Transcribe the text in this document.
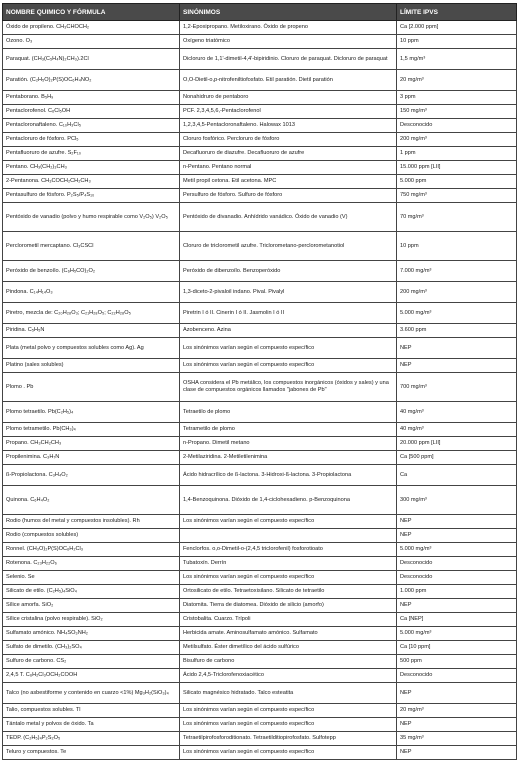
NOMBRE QUIMICO Y FÓRMULA	SINÓNIMOS	LÍMITE IPVS
Óxido de propileno. CH₃CHOCH₂	1,2-Epoxipropano. Metiloxirano. Óxido de propeno	Ca [2.000 ppm]
Ozono. O₃	Oxígeno triatómico	10 ppm
Paraquat. (CH₃(C₅H₄N)₂CH₃).2Cl	Dicloruro de 1,1'-dimetil-4,4'-bipiridinio. Cloruro de paraquat. Dicloruro de paraquat	1,5 mg/m³
Paratión. (C₂H₅O)₂P(S)OC₆H₄NO₂	O,O-Dietil-o,p-nitrofeniltiofosfato. Etil paratión. Dietil paratión	20 mg/m³
Pentaborano. B₅H₉	Nonahidruro de pentaboro	3 ppm
Pentaclorofenol. C₆Cl₅OH	PCF. 2,3,4,5,6,-Pentaclorofenol	150 mg/m³
Pentacloronaftaleno. C₁₀H₃Cl₅	1,2,3,4,5-Pentacloronaftaleno. Halowax 1013	Desconocido
Pentacloruro de fósforo. PCl₅	Cloruro fosfórico. Percloruro de fósforo	200 mg/m³
Pentafluoruro de azufre. S₂F₁₀	Decafluoruro de diazufre. Decafluoruro de azufre	1 ppm
Pentano. CH₃(CH₂)₃CH₃	n-Pentano. Pentano normal	15.000 ppm [LII]
2-Pentanona. CH₃COCH₂CH₂CH₃	Metil propil cetona. Etil acetona. MPC	5.000 ppm
Pentasulfuro de fósforo. P₂S₅/P₄S₁₀	Persulfuro de fósforo. Sulfuro de fósforo	750 mg/m³
Pentóxido de vanadio (polvo y humo respirable como V₂O₅) V₂O₅	Pentóxido de divanadio. Anhídrido vanádico. Óxido de vanadio (V)	70 mg/m³
Perclorometil mercaptano. Cl₃CSCl	Cloruro de triclorometil azufre. Triclorometano-perclorometanotiol	10 ppm
Peróxido de benzoílo. (C₆H₅CO)₂O₂	Peróxido de dibenzoílo. Benzoperóxido	7.000 mg/m³
Pindona. C₁₄H₁₄O₃	1,3-diceto-2-pivaloil indano. Pival. Pivalyl	200 mg/m³
Piretro, mezcla de: C₂₀H₂₈O₃; C₂₁H₂₈O₅; C₂₂H₂₈O₅	Piretrin I ó II. Cinerin I ó II. Jasmolin I ó II	5.000 mg/m³
Piridina. C₅H₅N	Azobenceno. Azina	3.600 ppm
Plata (metal polvo y compuestos solubles como Ag). Ag	Los sinónimos varían según el compuesto específico	NEP
Platino (sales solubles)	Los sinónimos varían según el compuesto específico	NEP
Plomo . Pb	OSHA considera el Pb metálico, los compuestos inorgánicos (óxidos y sales) y una clase de compuestos orgánicos llamados "jabones de Pb"	700 mg/m³
Plomo tetraetilo. Pb(C₂H₅)₄	Tetraetilo de plomo	40 mg/m³
Plomo tetrametilo. Pb(CH₃)₄	Tetrametilo de plomo	40 mg/m³
Propano. CH₃CH₂CH₃	n-Propano. Dimetil metano	20.000 ppm [LII]
Propilenimina. C₃H₇N	2-Metilaziridina. 2-Metiletilenimina	Ca [500 ppm]
ß-Propiolactona. C₃H₄O₂	Ácido hidracrílico de ß-lactona. 3-Hidroxi-ß-lactona. 3-Propiolactona	Ca
Quinona. C₆H₄O₂	1,4-Benzoquinona. Dióxido de 1,4-ciclohexadieno. p-Benzoquinona	300 mg/m³
Rodio (humos del metal y compuestos insolubles). Rh	Los sinónimos varían según el compuesto específico	NEP
Rodio (compuestos solubles)		NEP
Ronnel. (CH₃O)₂P(S)OC₆H₂Cl₃	Fenclorfos. o,o-Dimetil-o-(2,4,5 triclorofenil) fosforotioato	5.000 mg/m³
Rotenona. C₂₃H₂₂O₆	Tubatoxín. Derrín	Desconocido
Selenio. Se	Los sinónimos varían según el compuesto específico	Desconocido
Silicato de etilo. (C₂H₅)₄SiO₄	Ortosilicato de etilo. Tetraetoxisilano. Silicato de tetraetilo	1.000 ppm
Sílice amorfa. SiO₂	Diatomita. Tierra de diatomea. Dióxido de silicio (amorfo)	NEP
Sílice cristalina (polvo respirable). SiO₂	Cristobalita. Cuarzo. Trípoli	Ca [NEP]
Sulfamato amónico. NH₄SO₃NH₂	Herbicida amate. Aminosulfamato amónico. Sulfamato	5.000 mg/m³
Sulfato de dimetilo. (CH₃)₂SO₄	Metilsulfato. Éster dimetílico del ácido sulfúrico	Ca [10 ppm]
Sulfuro de carbono. CS₂	Bisulfuro de carbono	500 ppm
2,4,5 T. C₆H₂Cl₃OCH₂COOH	Ácido 2,4,5-Triclorofenoxiacético	Desconocido
Talco (no asbestiforme y contenido en cuarzo <1%) Mg₃H₂(SiO₃)₄	Silicato magnésico hidratado. Talco esteatita	NEP
Talio, compuestos solubles. Tl	Los sinónimos varían según el compuesto específico	20 mg/m³
Tántalo metal y polvos de óxido. Ta	Los sinónimos varían según el compuesto específico	NEP
TEDP. (C₂H₅)₄P₂S₂O₅	Tetraetilpirofosforoditionato. Tetraetilditiopirofosfato. Sulfotepp	35 mg/m³
Teluro y compuestos. Te	Los sinónimos varían según el compuesto específico	NEP
